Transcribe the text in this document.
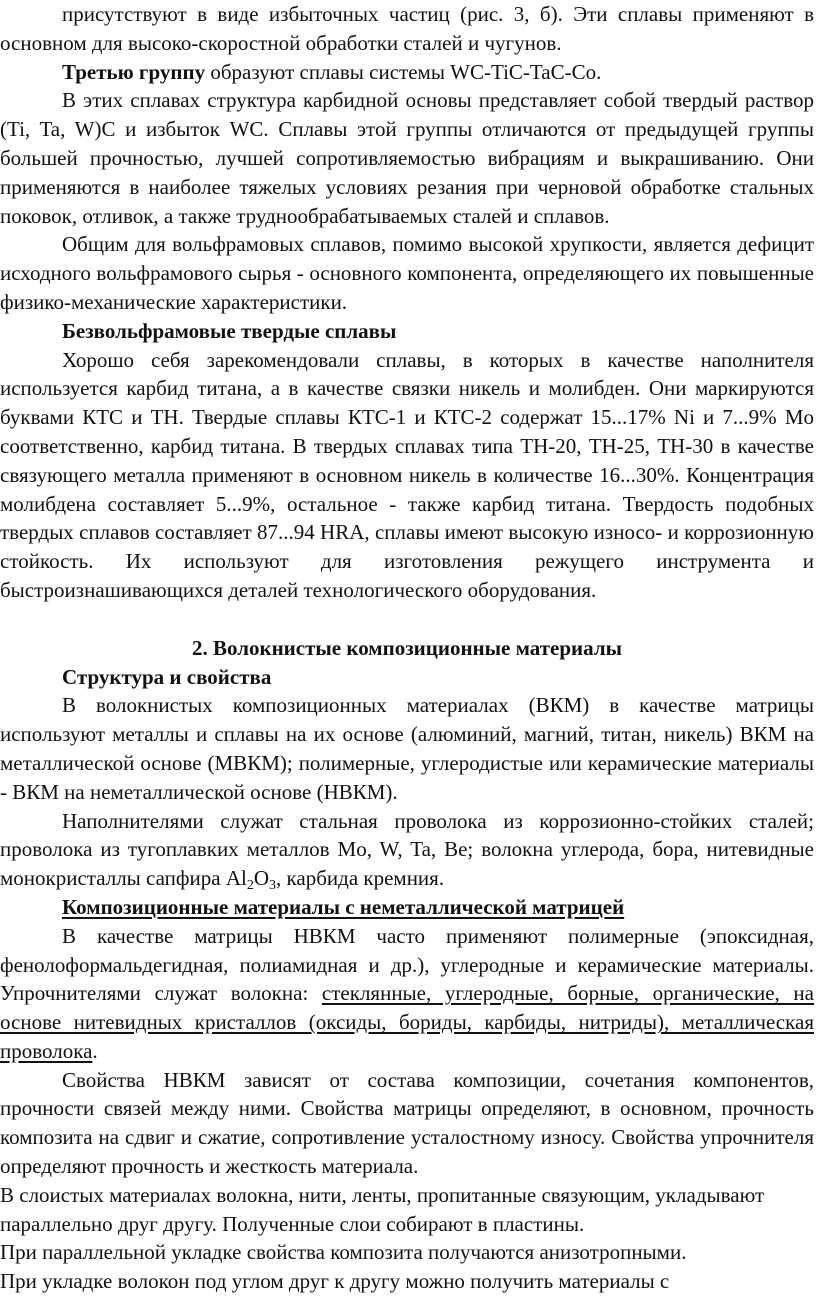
присутствуют в виде избыточных частиц (рис. 3, б). Эти сплавы применяют в основном для высоко-скоростной обработки сталей и чугунов.

Третью группу образуют сплавы системы WC-TiC-TaC-Co.

В этих сплавах структура карбидной основы представляет собой твердый раствор (Ti, Ta, W)C и избыток WC. Сплавы этой группы отличаются от предыдущей группы большей прочностью, лучшей сопротивляемостью вибрациям и выкрашиванию. Они применяются в наиболее тяжелых условиях резания при черновой обработке стальных поковок, отливок, а также труднообрабатываемых сталей и сплавов.

Общим для вольфрамовых сплавов, помимо высокой хрупкости, является дефицит исходного вольфрамового сырья - основного компонента, определяющего их повышенные физико-механические характеристики.

Безвольфрамовые твердые сплавы

Хорошо себя зарекомендовали сплавы, в которых в качестве наполнителя используется карбид титана, а в качестве связки никель и молибден. Они маркируются буквами КТС и ТН. Твердые сплавы КТС-1 и КТС-2 содержат 15...17% Ni и 7...9% Mo соответственно, карбид титана. В твердых сплавах типа ТН-20, ТН-25, ТН-30 в качестве связующего металла применяют в основном никель в количестве 16...30%. Концентрация молибдена составляет 5...9%, остальное - также карбид титана. Твердость подобных твердых сплавов составляет 87...94 HRA, сплавы имеют высокую износо- и коррозионную стойкость. Их используют для изготовления режущего инструмента и быстроизнашивающихся деталей технологического оборудования.

2. Волокнистые композиционные материалы

Структура и свойства

В волокнистых композиционных материалах (ВКМ) в качестве матрицы используют металлы и сплавы на их основе (алюминий, магний, титан, никель) ВКМ на металлической основе (МВКМ); полимерные, углеродистые или керамические материалы - ВКМ на неметаллической основе (НВКМ).

Наполнителями служат стальная проволока из коррозионно-стойких сталей; проволока из тугоплавких металлов Mo, W, Ta, Be; волокна углерода, бора, нитевидные монокристаллы сапфира $Al_2O_3$, карбида кремния.

Композиционные материалы с неметаллической матрицей

В качестве матрицы НВКМ часто применяют полимерные (эпоксидная, фенолоформальдегидная, полиамидная и др.), углеродные и керамические материалы. Упрочнителями служат волокна: стеклянные, углеродные, борные, органические, на основе нитевидных кристаллов (оксиды, бориды, карбиды, нитриды), металлическая проволока.

Свойства НВКМ зависят от состава композиции, сочетания компонентов, прочности связей между ними. Свойства матрицы определяют, в основном, прочность композита на сдвиг и сжатие, сопротивление усталостному износу. Свойства упрочнителя определяют прочность и жесткость материала.

В слоистых материалах волокна, нити, ленты, пропитанные связующим, укладывают параллельно друг другу. Полученные слои собирают в пластины.

При параллельной укладке свойства композита получаются анизотропными.

При укладке волокон под углом друг к другу можно получить материалы с
